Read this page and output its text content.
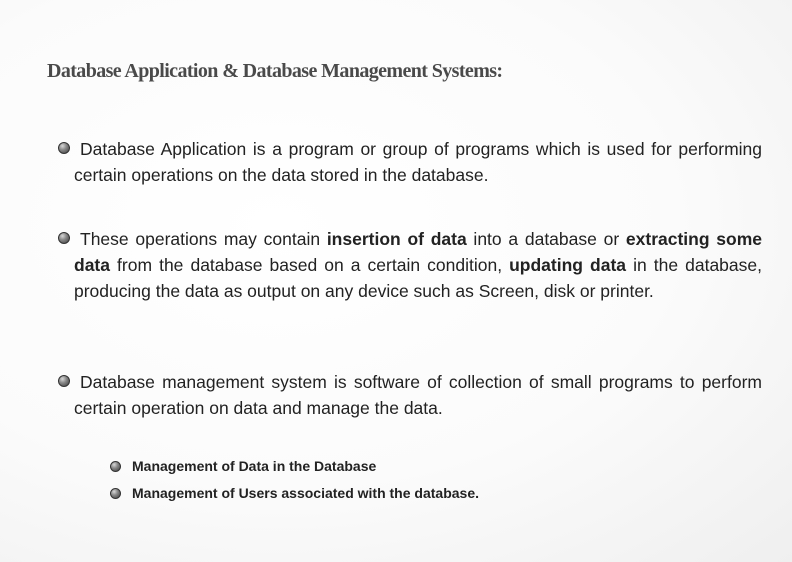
Database Application & Database Management Systems:
Database Application is a program or group of programs which is used for performing certain operations on the data stored in the database.
These operations may contain insertion of data into a database or extracting some data from the database based on a certain condition, updating data in the database, producing the data as output on any device such as Screen, disk or printer.
Database management system is software of collection of small programs to perform certain operation on data and manage the data.
Management of Data in the Database
Management of Users associated with the database.
